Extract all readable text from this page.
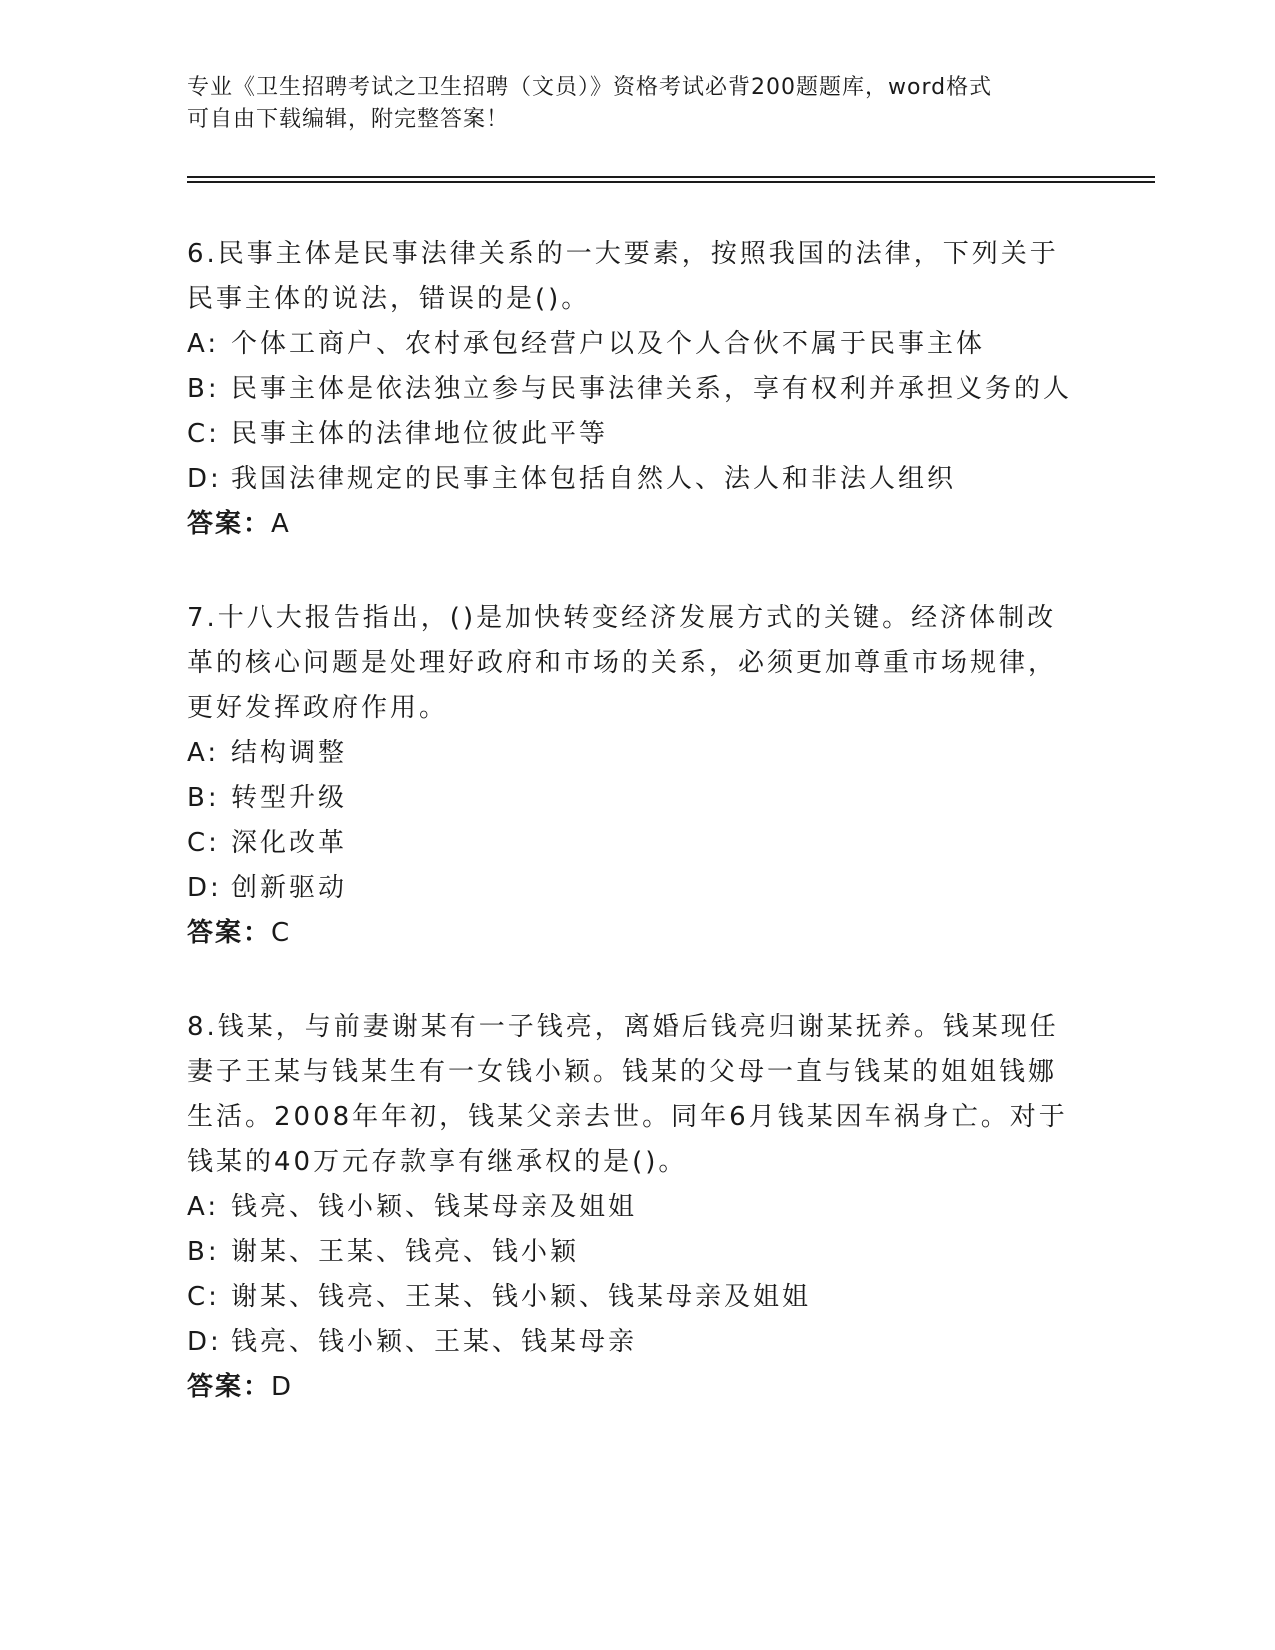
专业《卫生招聘考试之卫生招聘（文员）》资格考试必背200题题库，word格式
可自由下载编辑，附完整答案！
6.民事主体是民事法律关系的一大要素，按照我国的法律，下列关于
民事主体的说法，错误的是()。
A: 个体工商户、农村承包经营户以及个人合伙不属于民事主体
B: 民事主体是依法独立参与民事法律关系，享有权利并承担义务的人
C: 民事主体的法律地位彼此平等
D: 我国法律规定的民事主体包括自然人、法人和非法人组织
答案：A
7.十八大报告指出，()是加快转变经济发展方式的关键。经济体制改
革的核心问题是处理好政府和市场的关系，必须更加尊重市场规律，
更好发挥政府作用。
A: 结构调整
B: 转型升级
C: 深化改革
D: 创新驱动
答案：C
8.钱某，与前妻谢某有一子钱亮，离婚后钱亮归谢某抚养。钱某现任
妻子王某与钱某生有一女钱小颖。钱某的父母一直与钱某的姐姐钱娜
生活。2008年年初，钱某父亲去世。同年6月钱某因车祸身亡。对于
钱某的40万元存款享有继承权的是()。
A: 钱亮、钱小颖、钱某母亲及姐姐
B: 谢某、王某、钱亮、钱小颖
C: 谢某、钱亮、王某、钱小颖、钱某母亲及姐姐
D: 钱亮、钱小颖、王某、钱某母亲
答案：D
